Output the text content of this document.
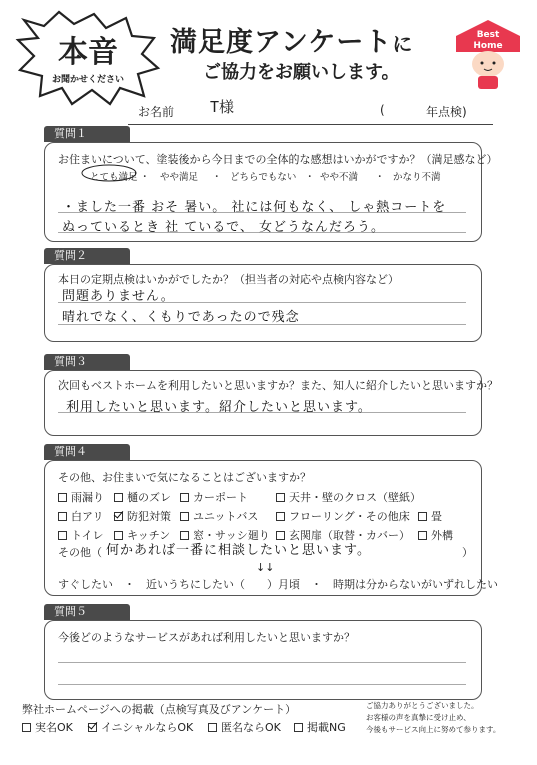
本音
お聞かせください
満足度アンケートに
ご協力をお願いします。
Best
Home
お名前 T様	(	年点検)
質問１
お住まいについて、塗装後から今日までの全体的な感想はいかがですか？（満足感など）
とても満足 ・ やや満足 ・ どちらでもない ・ やや不満 ・ かなり不満
・ました一番 おそ 暑い。 社には何もなく、 しゃ熱コートを
ぬっているとき 社 ているで、 女どうなんだろう。
質問２
本日の定期点検はいかがでしたか？（担当者の対応や点検内容など）
問題ありません。
晴れでなく、くもりであったので残念
質問３
次回もベストホームを利用したいと思いますか？また、知人に紹介したいと思いますか？
利用したいと思います。紹介したいと思います。
質問４
その他、お住まいで気になることはございますか？
雨漏り	樋のズレ	カーポート	天井・壁のクロス（壁紙）
白アリ	防犯対策	ユニットバス	フローリング・その他床	畳
トイレ	キッチン	窓・サッシ廻り	玄関扉（取替・カバー）	外構
その他（ 何かあれば一番に相談したいと思います。	）
↓↓
すぐしたい　・　近いうちにしたい（　　）月頃　・　時期は分からないがいずれしたい
質問５
今後どのようなサービスがあれば利用したいと思いますか？
弊社ホームページへの掲載（点検写真及びアンケート）
実名OK	イニシャルならOK	匿名ならOK	掲載NG
ご協力ありがとうございました。
お客様の声を真摯に受け止め、
今後もサービス向上に努めて参ります。
